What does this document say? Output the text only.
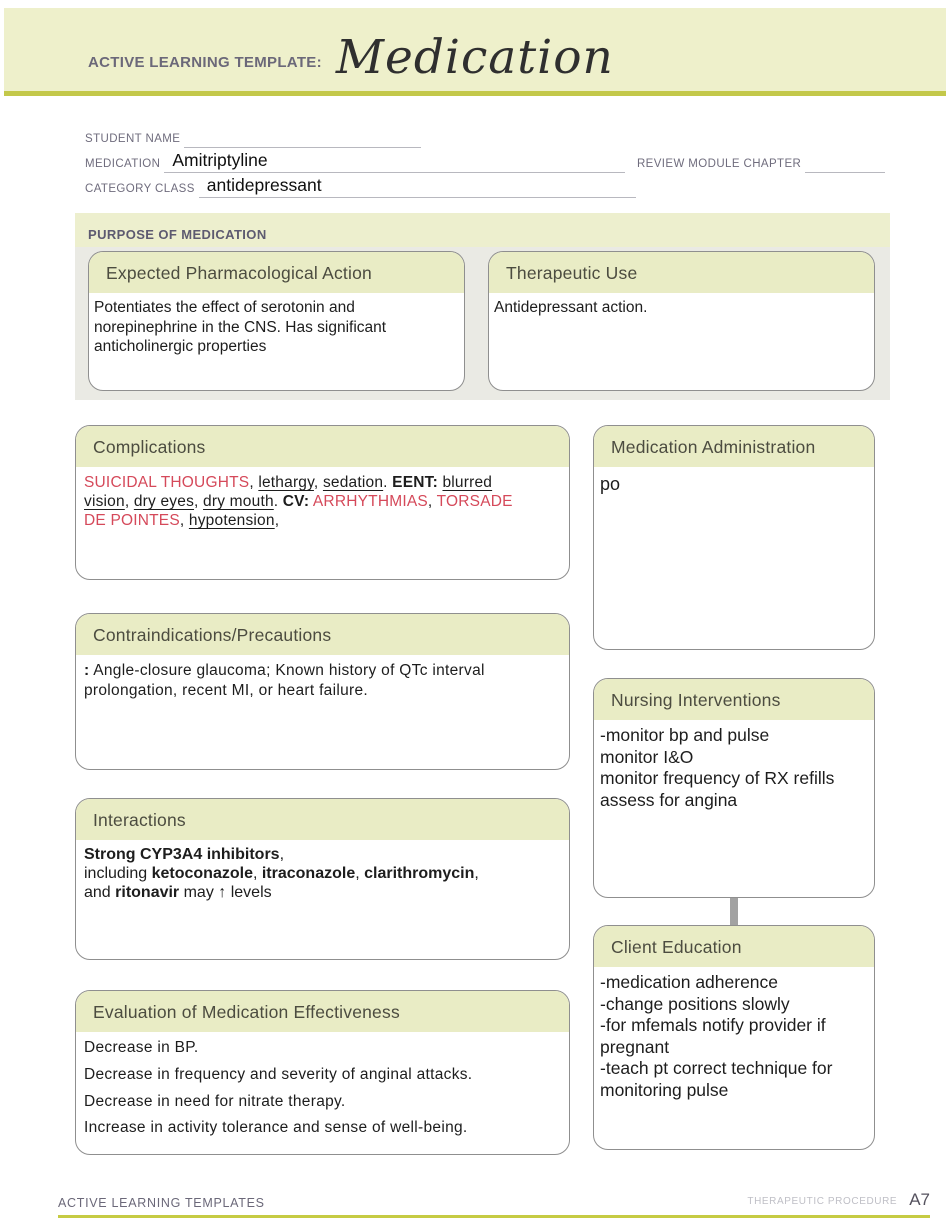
ACTIVE LEARNING TEMPLATE: Medication
STUDENT NAME
MEDICATION Amitriptyline	REVIEW MODULE CHAPTER
CATEGORY CLASS antidepressant
PURPOSE OF MEDICATION
Expected Pharmacological Action
Potentiates the effect of serotonin and norepinephrine in the CNS. Has significant anticholinergic properties
Therapeutic Use
Antidepressant action.
Complications
SUICIDAL THOUGHTS, lethargy, sedation. EENT: blurred vision, dry eyes, dry mouth. CV: ARRHYTHMIAS, TORSADE DE POINTES, hypotension,
Contraindications/Precautions
: Angle-closure glaucoma; Known history of QTc interval prolongation, recent MI, or heart failure.
Interactions
Strong CYP3A4 inhibitors,
including ketoconazole, itraconazole, clarithromycin,
and ritonavir may ↑ levels
Evaluation of Medication Effectiveness
Decrease in BP.
Decrease in frequency and severity of anginal attacks.
Decrease in need for nitrate therapy.
Increase in activity tolerance and sense of well-being.
Medication Administration
po
Nursing Interventions
-monitor bp and pulse
monitor I&O
monitor frequency of RX refills
assess for angina
Client Education
-medication adherence
-change positions slowly
-for mfemals notify provider if pregnant
-teach pt correct technique for monitoring pulse
ACTIVE LEARNING TEMPLATES	THERAPEUTIC PROCEDURE A7
